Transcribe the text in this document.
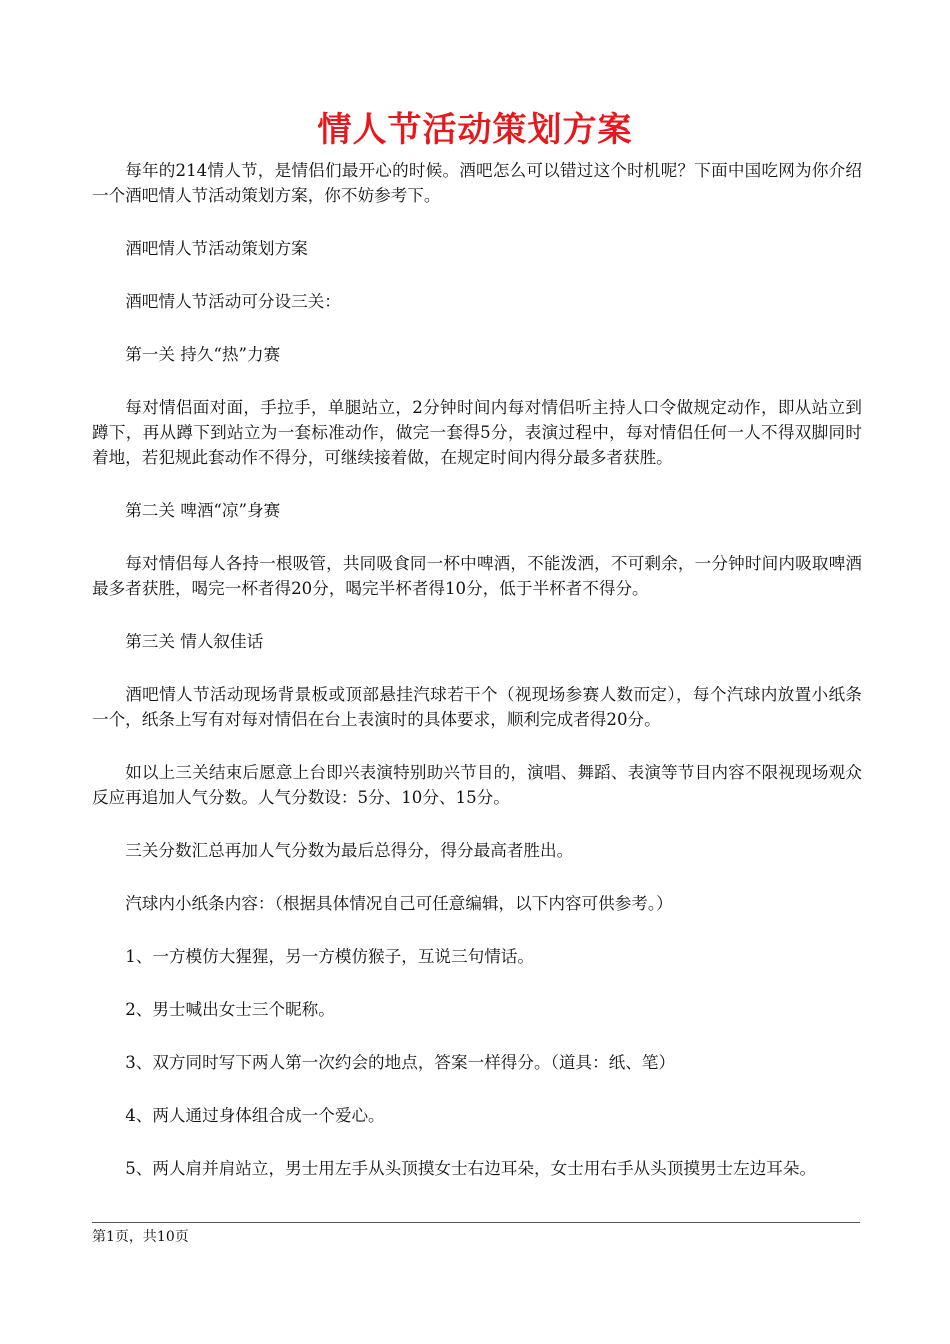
情人节活动策划方案

每年的214情人节，是情侣们最开心的时候。酒吧怎么可以错过这个时机呢？下面中国吃网为你介绍一个酒吧情人节活动策划方案，你不妨参考下。

酒吧情人节活动策划方案

酒吧情人节活动可分设三关：

第一关 持久“热”力赛

每对情侣面对面，手拉手，单腿站立，2分钟时间内每对情侣听主持人口令做规定动作，即从站立到蹲下，再从蹲下到站立为一套标准动作，做完一套得5分，表演过程中，每对情侣任何一人不得双脚同时着地，若犯规此套动作不得分，可继续接着做，在规定时间内得分最多者获胜。

第二关 啤酒“凉”身赛

每对情侣每人各持一根吸管，共同吸食同一杯中啤酒，不能泼洒，不可剩余，一分钟时间内吸取啤酒最多者获胜，喝完一杯者得20分，喝完半杯者得10分，低于半杯者不得分。

第三关 情人叙佳话

酒吧情人节活动现场背景板或顶部悬挂汽球若干个（视现场参赛人数而定），每个汽球内放置小纸条一个，纸条上写有对每对情侣在台上表演时的具体要求，顺利完成者得20分。

如以上三关结束后愿意上台即兴表演特别助兴节目的，演唱、舞蹈、表演等节目内容不限视现场观众反应再追加人气分数。人气分数设：5分、10分、15分。

三关分数汇总再加人气分数为最后总得分，得分最高者胜出。

汽球内小纸条内容：（根据具体情况自己可任意编辑，以下内容可供参考。）

1、一方模仿大猩猩，另一方模仿猴子，互说三句情话。

2、男士喊出女士三个昵称。

3、双方同时写下两人第一次约会的地点，答案一样得分。（道具：纸、笔）

4、两人通过身体组合成一个爱心。

5、两人肩并肩站立，男士用左手从头顶摸女士右边耳朵，女士用右手从头顶摸男士左边耳朵。

第1页，共10页
